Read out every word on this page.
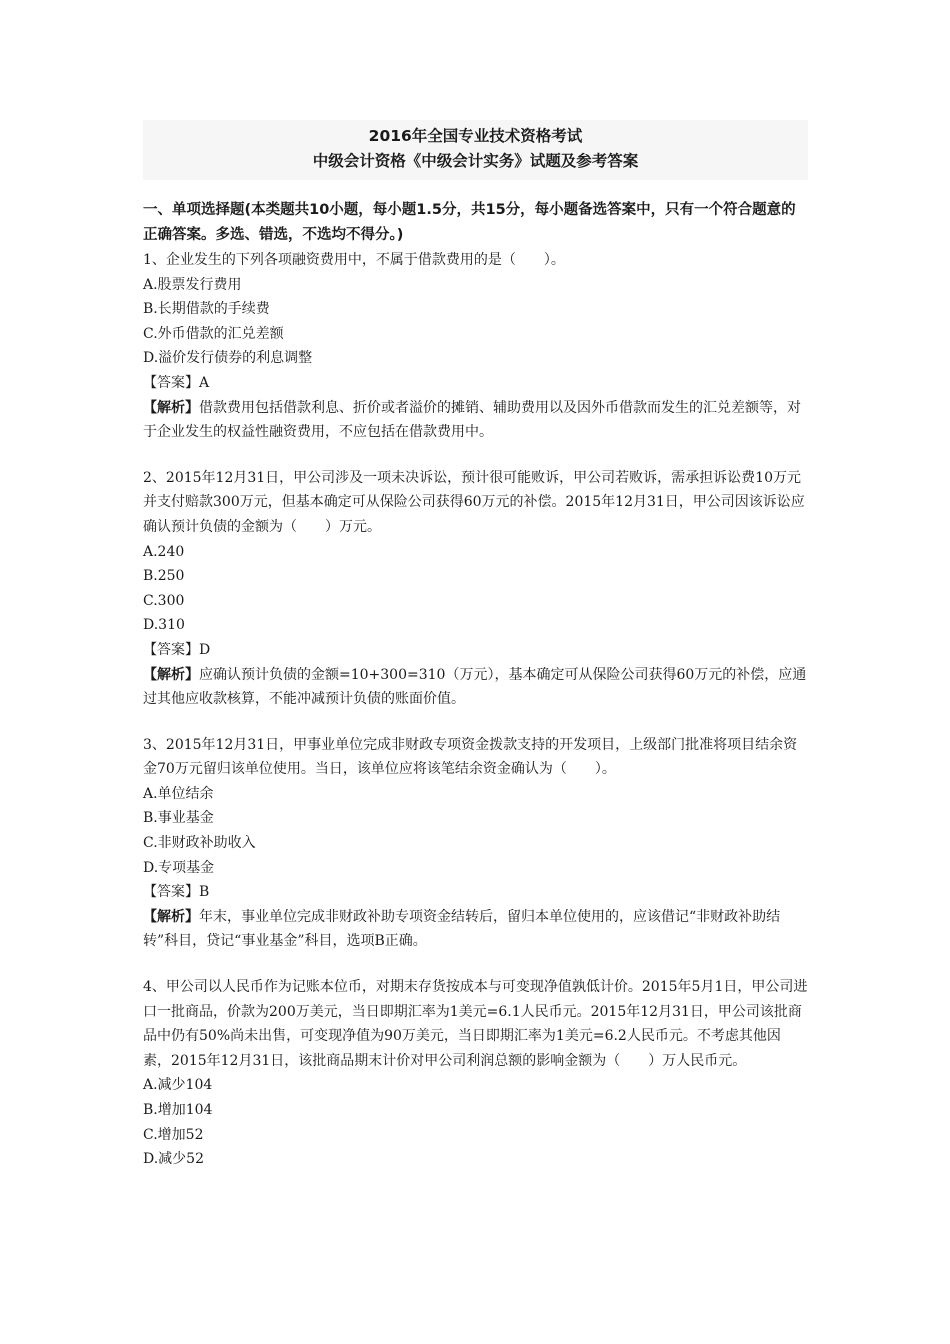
2016年全国专业技术资格考试
中级会计资格《中级会计实务》试题及参考答案
一、单项选择题(本类题共10小题，每小题1.5分，共15分，每小题备选答案中，只有一个符合题意的正确答案。多选、错选，不选均不得分。)
1、企业发生的下列各项融资费用中，不属于借款费用的是（　　）。
A.股票发行费用
B.长期借款的手续费
C.外币借款的汇兑差额
D.溢价发行债券的利息调整
【答案】A
【解析】借款费用包括借款利息、折价或者溢价的摊销、辅助费用以及因外币借款而发生的汇兑差额等，对于企业发生的权益性融资费用，不应包括在借款费用中。
2、2015年12月31日，甲公司涉及一项未决诉讼，预计很可能败诉，甲公司若败诉，需承担诉讼费10万元并支付赔款300万元，但基本确定可从保险公司获得60万元的补偿。2015年12月31日，甲公司因该诉讼应确认预计负债的金额为（　　）万元。
A.240
B.250
C.300
D.310
【答案】D
【解析】应确认预计负债的金额=10+300=310（万元），基本确定可从保险公司获得60万元的补偿，应通过其他应收款核算，不能冲减预计负债的账面价值。
3、2015年12月31日，甲事业单位完成非财政专项资金拨款支持的开发项目，上级部门批准将项目结余资金70万元留归该单位使用。当日，该单位应将该笔结余资金确认为（　　）。
A.单位结余
B.事业基金
C.非财政补助收入
D.专项基金
【答案】B
【解析】年末，事业单位完成非财政补助专项资金结转后，留归本单位使用的，应该借记“非财政补助结转”科目，贷记“事业基金”科目，选项B正确。
4、甲公司以人民币作为记账本位币，对期末存货按成本与可变现净值孰低计价。2015年5月1日，甲公司进口一批商品，价款为200万美元，当日即期汇率为1美元=6.1人民币元。2015年12月31日，甲公司该批商品中仍有50%尚未出售，可变现净值为90万美元，当日即期汇率为1美元=6.2人民币元。不考虑其他因素，2015年12月31日，该批商品期末计价对甲公司利润总额的影响金额为（　　）万人民币元。
A.减少104
B.增加104
C.增加52
D.减少52
